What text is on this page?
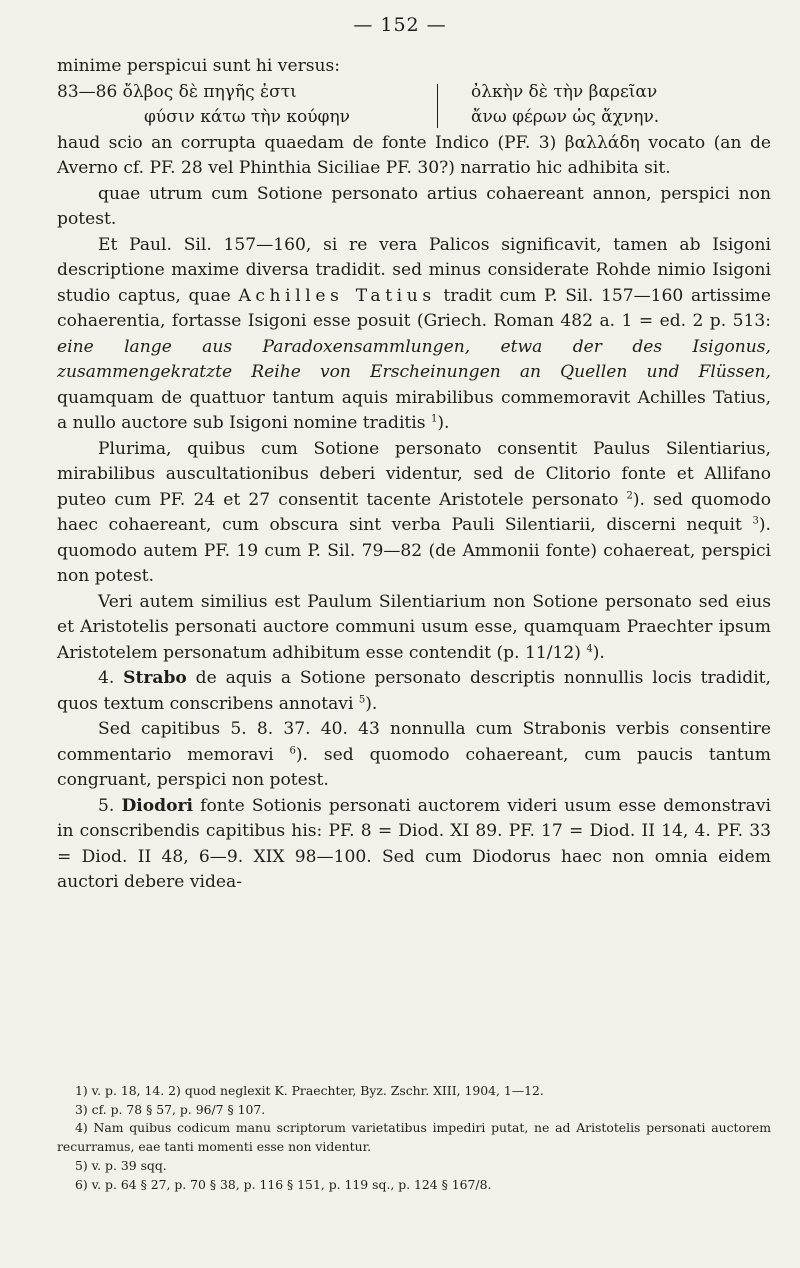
— 152 —

minime perspicui sunt hi versus:

83—86 ὄλβος δὲ πηγῆς ἐστι
φύσιν κάτω τὴν κούφην
ὀλκὴν δὲ τὴν βαρεῖαν
ἄνω φέρων ὡς ἄχνην.

haud scio an corrupta quaedam de fonte Indico (PF. 3) βαλλάδη vocato (an de Averno cf. PF. 28 vel Phinthia Siciliae PF. 30?) narratio hic adhibita sit.

quae utrum cum Sotione personato artius cohaereant annon, perspici non potest.

Et Paul. Sil. 157—160, si re vera Palicos significavit, tamen ab Isigoni descriptione maxime diversa tradidit. sed minus considerate Rohde nimio Isigoni studio captus, quae Achilles Tatius tradit cum P. Sil. 157—160 artissime cohaerentia, fortasse Isigoni esse posuit (Griech. Roman 482 a. 1 = ed. 2 p. 513: eine lange aus Paradoxensammlungen, etwa der des Isigonus, zusammengekratzte Reihe von Erscheinungen an Quellen und Flüssen, quamquam de quattuor tantum aquis mirabilibus commemoravit Achilles Tatius, a nullo auctore sub Isigoni nomine traditis $^1$).

Plurima, quibus cum Sotione personato consentit Paulus Silentiarius, mirabilibus auscultationibus deberi videntur, sed de Clitorio fonte et Allifano puteo cum PF. 24 et 27 consentit tacente Aristotele personato $^2$). sed quomodo haec cohaereant, cum obscura sint verba Pauli Silentiarii, discerni nequit $^3$). quomodo autem PF. 19 cum P. Sil. 79—82 (de Ammonii fonte) cohaereat, perspici non potest.

Veri autem similius est Paulum Silentiarium non Sotione personato sed eius et Aristotelis personati auctore communi usum esse, quamquam Praechter ipsum Aristotelem personatum adhibitum esse contendit (p. 11/12) $^4$).

4. Strabo de aquis a Sotione personato descriptis nonnullis locis tradidit, quos textum conscribens annotavi $^5$).

Sed capitibus 5. 8. 37. 40. 43 nonnulla cum Strabonis verbis consentire commentario memoravi $^6$). sed quomodo cohaereant, cum paucis tantum congruant, perspici non potest.

5. Diodori fonte Sotionis personati auctorem videri usum esse demonstravi in conscribendis capitibus his: PF. 8 = Diod. XI 89. PF. 17 = Diod. II 14, 4. PF. 33 = Diod. II 48, 6—9. XIX 98—100. Sed cum Diodorus haec non omnia eidem auctori debere videa-

1) v. p. 18, 14. 2) quod neglexit K. Praechter, Byz. Zschr. XIII, 1904, 1—12.

3) cf. p. 78 § 57, p. 96/7 § 107.

4) Nam quibus codicum manu scriptorum varietatibus impediri putat, ne ad Aristotelis personati auctorem recurramus, eae tanti momenti esse non videntur.

5) v. p. 39 sqq.

6) v. p. 64 § 27, p. 70 § 38, p. 116 § 151, p. 119 sq., p. 124 § 167/8.
